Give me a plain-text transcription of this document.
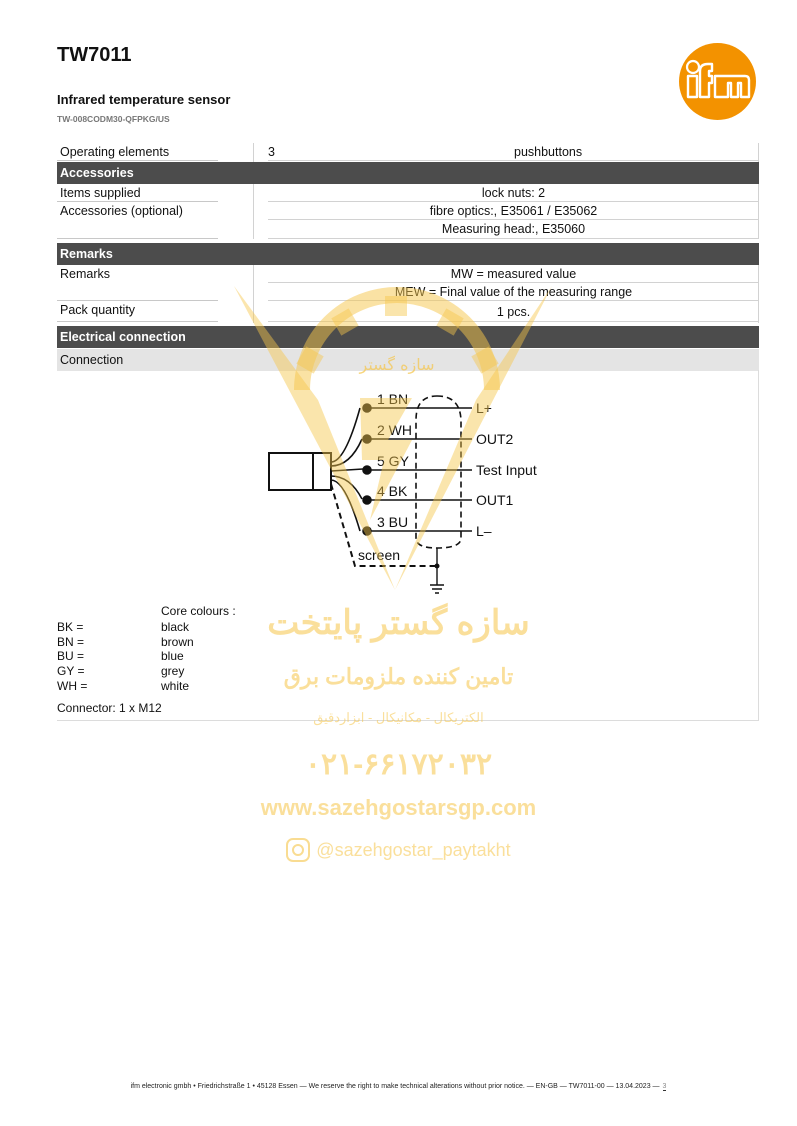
TW7011
Infrared temperature sensor
TW-008CODM30-QFPKG/US
Operating elements	3	pushbuttons
Accessories
Items supplied	lock nuts: 2
Accessories (optional)	fibre optics:, E35061 / E35062
Measuring head:, E35060
Remarks
Remarks	MW = measured value
MEW = Final value of the measuring range
Pack quantity	1 pcs.
Electrical connection
Connection
1 BN
2 WH
5 GY
4 BK
3 BU
L+
OUT2
Test Input
OUT1
L–
screen
Core colours :
BK =	black
BN =	brown
BU =	blue
GY =	grey
WH =	white
Connector: 1 x M12
سازه گستر
سازه گستر پایتخت
تامین کننده ملزومات برق
الکتریکال - مکانیکال - ابزاردقیق
۰۲۱-۶۶۱۷۲۰۳۲
www.sazehgostarsgp.com
@sazehgostar_paytakht
ifm electronic gmbh • Friedrichstraße 1 • 45128 Essen — We reserve the right to make technical alterations without prior notice. — EN-GB — TW7011-00 — 13.04.2023 — 3
